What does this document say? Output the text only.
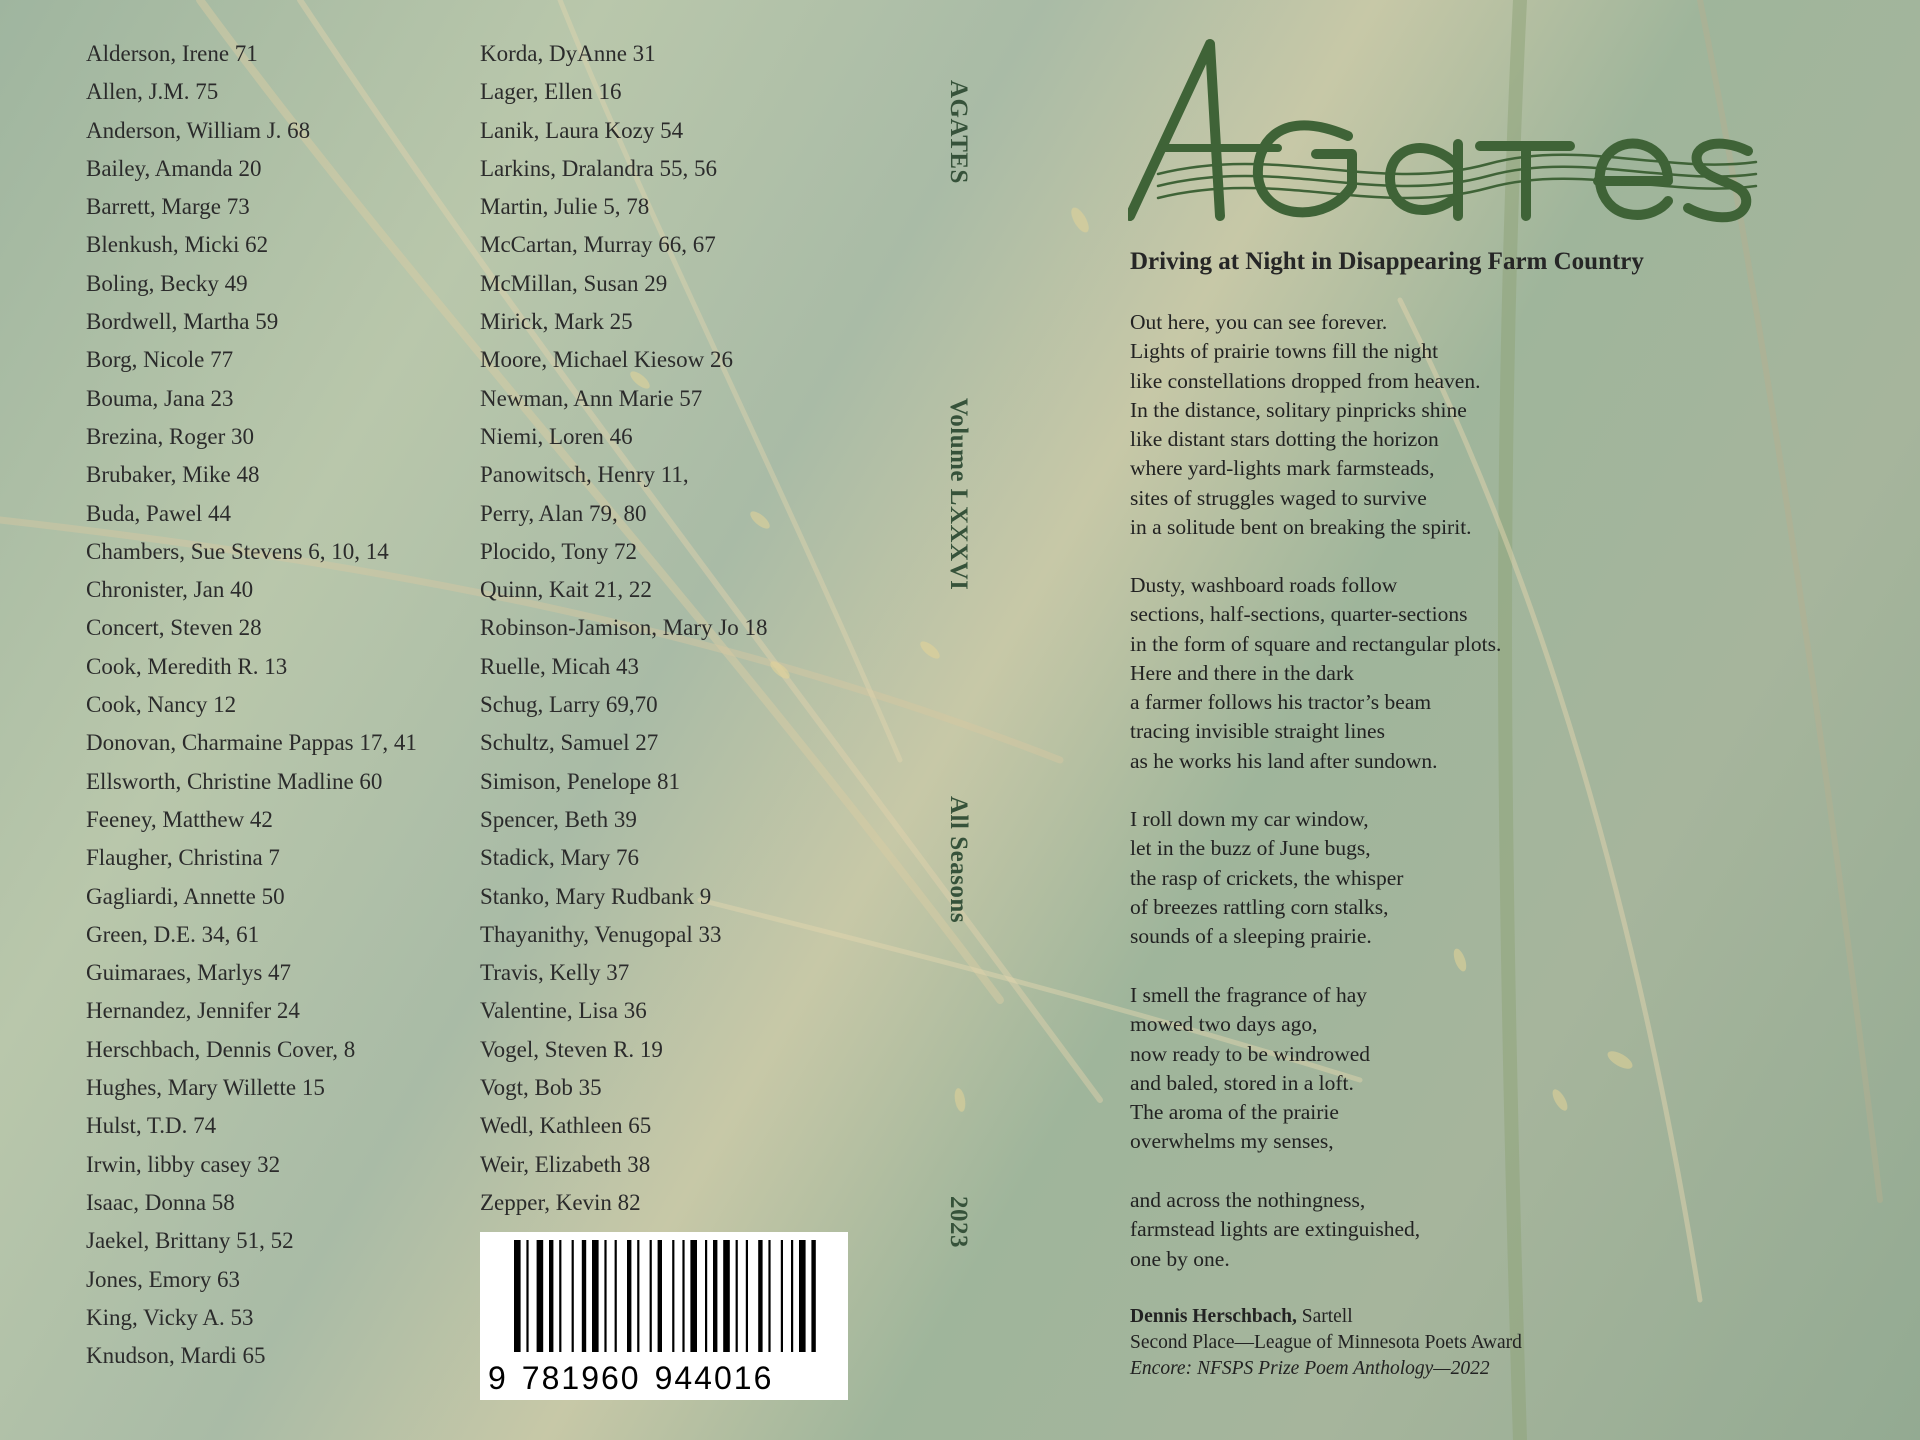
Alderson, Irene 71
Allen, J.M. 75
Anderson, William J. 68
Bailey, Amanda 20
Barrett, Marge 73
Blenkush, Micki 62
Boling, Becky 49
Bordwell, Martha 59
Borg, Nicole 77
Bouma, Jana 23
Brezina, Roger 30
Brubaker, Mike 48
Buda, Pawel 44
Chambers, Sue Stevens 6, 10, 14
Chronister, Jan 40
Concert, Steven 28
Cook, Meredith R. 13
Cook, Nancy 12
Donovan, Charmaine Pappas 17, 41
Ellsworth, Christine Madline 60
Feeney, Matthew 42
Flaugher, Christina 7
Gagliardi, Annette 50
Green, D.E. 34, 61
Guimaraes, Marlys 47
Hernandez, Jennifer 24
Herschbach, Dennis Cover, 8
Hughes, Mary Willette 15
Hulst, T.D. 74
Irwin, libby casey 32
Isaac, Donna 58
Jaekel, Brittany 51, 52
Jones, Emory 63
King, Vicky A. 53
Knudson, Mardi 65
Korda, DyAnne 31
Lager, Ellen 16
Lanik, Laura Kozy 54
Larkins, Dralandra 55, 56
Martin, Julie 5, 78
McCartan, Murray 66, 67
McMillan, Susan 29
Mirick, Mark 25
Moore, Michael Kiesow 26
Newman, Ann Marie 57
Niemi, Loren 46
Panowitsch, Henry 11,
Perry, Alan 79, 80
Plocido, Tony 72
Quinn, Kait 21, 22
Robinson-Jamison, Mary Jo 18
Ruelle, Micah 43
Schug, Larry 69,70
Schultz, Samuel 27
Simison, Penelope 81
Spencer, Beth 39
Stadick, Mary 76
Stanko, Mary Rudbank 9
Thayanithy, Venugopal 33
Travis, Kelly 37
Valentine, Lisa 36
Vogel, Steven R. 19
Vogt, Bob 35
Wedl, Kathleen 65
Weir, Elizabeth 38
Zepper, Kevin 82
9 781960 944016
AGATES
Volume LXXXVI
All Seasons
2023
Driving at Night in Disappearing Farm Country
Out here, you can see forever.
Lights of prairie towns fill the night
like constellations dropped from heaven.
In the distance, solitary pinpricks shine
like distant stars dotting the horizon
where yard-lights mark farmsteads,
sites of struggles waged to survive
in a solitude bent on breaking the spirit.
Dusty, washboard roads follow
sections, half-sections, quarter-sections
in the form of square and rectangular plots.
Here and there in the dark
a farmer follows his tractor’s beam
tracing invisible straight lines
as he works his land after sundown.
I roll down my car window,
let in the buzz of June bugs,
the rasp of crickets, the whisper
of breezes rattling corn stalks,
sounds of a sleeping prairie.
I smell the fragrance of hay
mowed two days ago,
now ready to be windrowed
and baled, stored in a loft.
The aroma of the prairie
overwhelms my senses,
and across the nothingness,
farmstead lights are extinguished,
one by one.
Dennis Herschbach, Sartell
Second Place—League of Minnesota Poets Award
Encore: NFSPS Prize Poem Anthology—2022
